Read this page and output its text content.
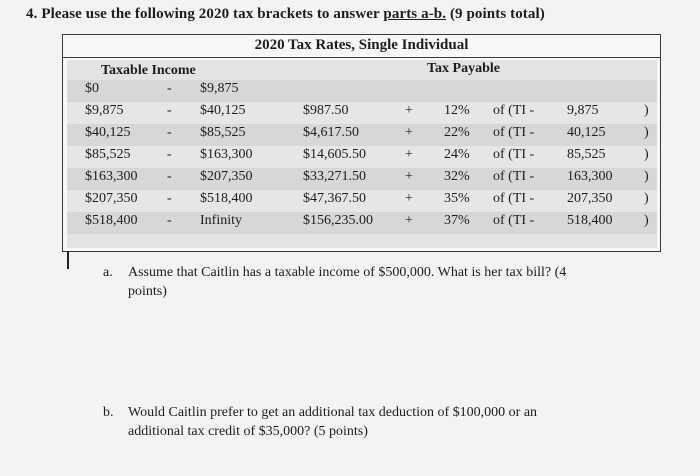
4. Please use the following 2020 tax brackets to answer parts a-b. (9 points total)
2020 Tax Rates, Single Individual
Taxable Income	Tax Payable
$0	- $9,875
$9,875	- $40,125	$987.50	+ 12% of (TI - 9,875	)
$40,125	- $85,525	$4,617.50	+ 22% of (TI - 40,125	)
$85,525	- $163,300	$14,605.50	+ 24% of (TI - 85,525	)
$163,300 - $207,350	$33,271.50	+ 32% of (TI - 163,300 )
$207,350 - $518,400	$47,367.50	+ 35% of (TI - 207,350 )
$518,400 - Infinity	$156,235.00 + 37% of (TI - 518,400 )
a. Assume that Caitlin has a taxable income of $500,000. What is her tax bill? (4
points)
b. Would Caitlin prefer to get an additional tax deduction of $100,000 or an
additional tax credit of $35,000? (5 points)
